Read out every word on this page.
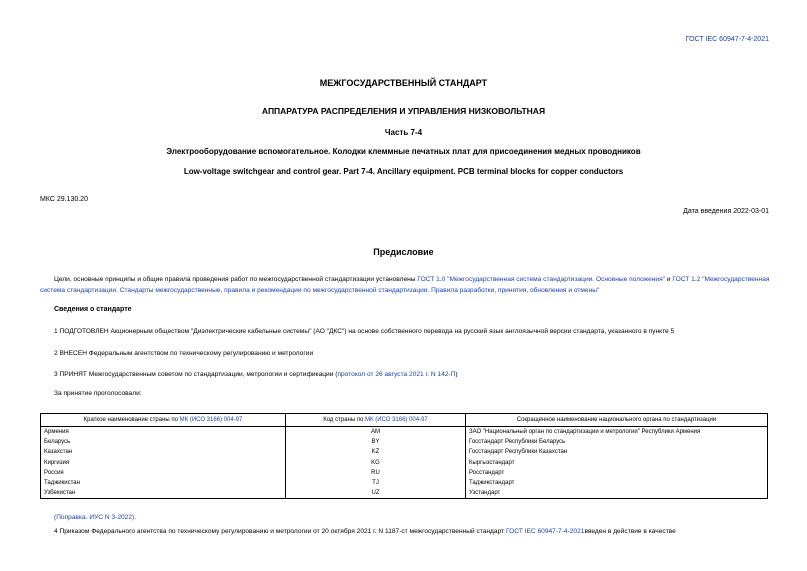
ГОСТ IEC 60947-7-4-2021
МЕЖГОСУДАРСТВЕННЫЙ СТАНДАРТ
АППАРАТУРА РАСПРЕДЕЛЕНИЯ И УПРАВЛЕНИЯ НИЗКОВОЛЬТНАЯ
Часть 7-4
Электрооборудование вспомогательное. Колодки клеммные печатных плат для присоединения медных проводников
Low-voltage switchgear and control gear. Part 7-4. Ancillary equipment. PCB terminal blocks for copper conductors
МКС 29.130.20
Дата введения 2022-03-01
Предисловие
Цели, основные принципы и общие правила проведения работ по межгосударственной стандартизации установлены ГОСТ 1.0 "Межгосударственная система стандартизации. Основные положения" и ГОСТ 1.2 "Межгосударственная система стандартизации. Стандарты межгосударственные, правила и рекомендации по межгосударственной стандартизации. Правила разработки, принятия, обновления и отмены"
Сведения о стандарте
1 ПОДГОТОВЛЕН Акционерным обществом "Диэлектрические кабельные системы" (АО "ДКС") на основе собственного перевода на русский язык англоязычной версии стандарта, указанного в пункте 5
2 ВНЕСЕН Федеральным агентством по техническому регулированию и метрологии
3 ПРИНЯТ Межгосударственным советом по стандартизации, метрологии и сертификации (протокол от 26 августа 2021 г. N 142-П)
За принятие проголосовали:
Краткое наименование страны по МК (ИСО 3166) 004-97	Код страны по МК (ИСО 3166) 004-97	Сокращенное наименование национального органа по стандартизации
Армения	AM	ЗАО "Национальный орган по стандартизации и метрологии" Республики Армения
Беларусь	BY	Госстандарт Республики Беларусь
Казахстан	KZ	Госстандарт Республики Казахстан
Киргизия	KG	Кыргызстандарт
Россия	RU	Росстандарт
Таджикистан	TJ	Таджикстандарт
Узбекистан	UZ	Узстандарт
(Поправка. ИУС N 3-2022).
4 Приказом Федерального агентства по техническому регулированию и метрологии от 20 октября 2021 г. N 1187-ст межгосударственный стандарт ГОСТ IEC 60947-7-4-2021введен в действие в качестве
